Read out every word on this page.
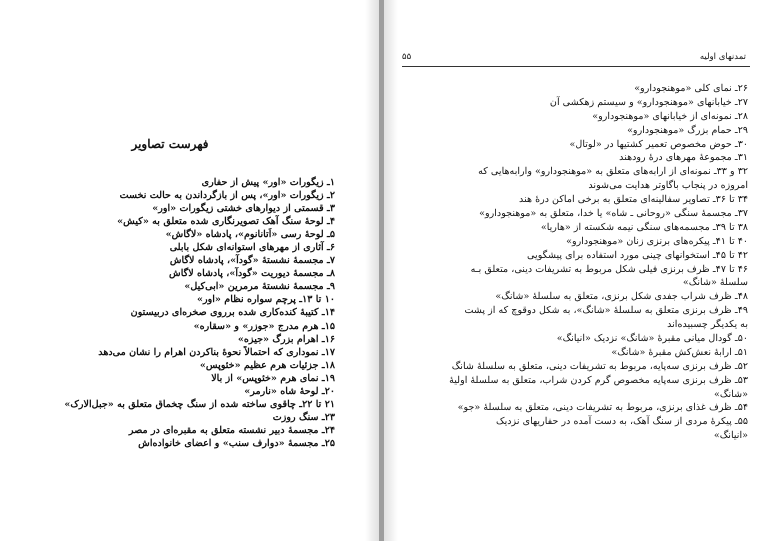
فهرست تصاویر
۱ـ زیگورات «اور» پیش از حفاری
۲ـ زیگورات «اور»، پس از بازگرداندن به حالت نخست
۳ـ قسمتی از دیوارهای خشتی زیگورات «اور»
۴ـ لوحهٔ سنگ آهک تصویرنگاری شده متعلق به «کیش»
۵ـ لوحهٔ رسی «اَتانانوم»، پادشاه «لاگاش»
۶ـ آثاری از مهرهای استوانه‌ای شکل بابلی
۷ـ مجسمهٔ نشستهٔ «گودآ»، پادشاه لاگاش
۸ـ مجسمهٔ دیوریت «گودآ»، پادشاه لاگاش
۹ـ مجسمهٔ نشستهٔ مرمرین «ابی‌کیل»
۱۰ تا ۱۳ـ پرچم سواره نظام «اور»
۱۴ـ کتیبهٔ کنده‌کاری شده برروی صخره‌ای دربیستون
۱۵ـ هرم مدرج «جوزر» و «سقاره»
۱۶ـ اهرام بزرگ «جیزه»
۱۷ـ نموداری که احتمالاً نحوهٔ بناکردن اهرام را نشان می‌دهد
۱۸ـ جزئیات هرم عظیم «خئوپس»
۱۹ـ نمای هرم «خئوپس» از بالا
۲۰ـ لوحهٔ شاه «نارمر»
۲۱ تا ۲۲ـ چاقوی ساخته شده از سنگ چخماق متعلق به «جبل‌الارک»
۲۳ـ سنگ روزت
۲۴ـ مجسمهٔ دبیر نشسته متعلق به مقبره‌ای در مصر
۲۵ـ مجسمهٔ «دوارف سنب» و اعضای خانواده‌اش
۵۵	تمدنهای اولیه
۲۶ـ نمای کلی «موهنجودارو»
۲۷ـ خیابانهای «موهنجودارو» و سیستم زهکشی آن
۲۸ـ نمونه‌ای از خیابانهای «موهنجودارو»
۲۹ـ حمام بزرگ «موهنجودارو»
۳۰ـ حوض مخصوص تعمیر کشتیها در «لوتال»
۳۱ـ مجموعهٔ مهرهای درهٔ رودهند
۳۲ و ۳۳ـ نمونه‌ای از ارابه‌های متعلق به «موهنجودارو» وارابه‌هایی که
امروزه در پنجاب باگاوتر هدایت می‌شوند
۳۴ تا ۳۶ـ تصاویر سفالینه‌ای متعلق به برخی اماکن درهٔ هند
۳۷ـ مجسمهٔ سنگی «روحانی ـ شاه» یا خدا، متعلق به «موهنجودارو»
۳۸ تا ۳۹ـ مجسمه‌های سنگی نیمه شکسته از «هاریا»
۴۰ تا ۴۱ـ پیکره‌های برنزی زنان «موهنجودارو»
۴۲ تا ۴۵ـ استخوانهای چینی مورد استفاده برای پیشگویی
۴۶ تا ۴۷ـ ظرف برنزی فیلی شکل مربوط به تشریفات دینی، متعلق بـه
سلسلهٔ «شانگ»
۴۸ـ ظرف شراب جفدی شکل برنزی، متعلق به سلسلهٔ «شانگ»
۴۹ـ ظرف برنزی متعلق به سلسلهٔ «شانگ»، به شکل دوقوچ که از پشت
به یکدیگر چسبیده‌اند
۵۰ـ گودال میانی مقبرهٔ «شانگ» نزدیک «انیانگ»
۵۱ـ ارابهٔ نعش‌کش مقبرهٔ «شانگ»
۵۲ـ ظرف برنزی سه‌پایه، مربوط به تشریفات دینی، متعلق به سلسلهٔ شانگ
۵۳ـ ظرف برنزی سه‌پایه مخصوص گرم کردن شراب، متعلق به سلسلهٔ اولیهٔ
«شانگ»
۵۴ـ ظرف غذای برنزی، مربوط به تشریفات دینی، متعلق به سلسلهٔ «جو»
۵۵ـ پیکرهٔ مردی از سنگ آهک، به دست آمده در حفاریهای نزدیک
«انیانگ»
